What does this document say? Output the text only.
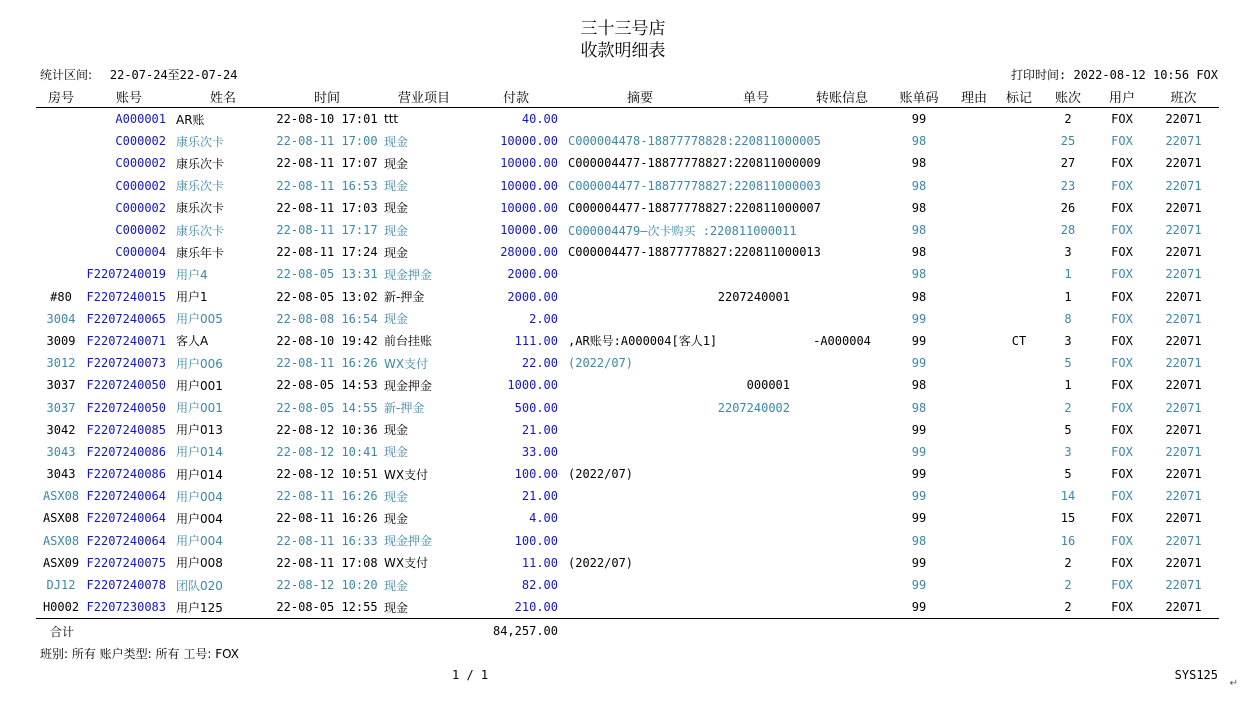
三十三号店
收款明细表
统计区间: 22-07-24至22-07-24	打印时间: 2022-08-12 10:56 FOX
房号	账号	姓名	时间	营业项目	付款	摘要	单号	转账信息	账单码	理由	标记	账次	用户	班次
	A000001	AR账	22-08-10 17:01	ttt	40.00				99			2	FOX	22071
	C000002	康乐次卡	22-08-11 17:00	现金	10000.00	C000004478-18877778828:220811000005			98			25	FOX	22071
	C000002	康乐次卡	22-08-11 17:07	现金	10000.00	C000004477-18877778827:220811000009			98			27	FOX	22071
	C000002	康乐次卡	22-08-11 16:53	现金	10000.00	C000004477-18877778827:220811000003			98			23	FOX	22071
	C000002	康乐次卡	22-08-11 17:03	现金	10000.00	C000004477-18877778827:220811000007			98			26	FOX	22071
	C000002	康乐次卡	22-08-11 17:17	现金	10000.00	C000004479—次卡购买 :220811000011			98			28	FOX	22071
	C000004	康乐年卡	22-08-11 17:24	现金	28000.00	C000004477-18877778827:220811000013			98			3	FOX	22071
	F2207240019	用户4	22-08-05 13:31	现金押金	2000.00				98			1	FOX	22071
#80	F2207240015	用户1	22-08-05 13:02	新-押金	2000.00		2207240001		98			1	FOX	22071
3004	F2207240065	用户005	22-08-08 16:54	现金	2.00				99			8	FOX	22071
3009	F2207240071	客人A	22-08-10 19:42	前台挂账	111.00	,AR账号:A000004[客人1]		-A000004	99		CT	3	FOX	22071
3012	F2207240073	用户006	22-08-11 16:26	WX支付	22.00	(2022/07)			99			5	FOX	22071
3037	F2207240050	用户001	22-08-05 14:53	现金押金	1000.00		000001		98			1	FOX	22071
3037	F2207240050	用户001	22-08-05 14:55	新-押金	500.00		2207240002		98			2	FOX	22071
3042	F2207240085	用户013	22-08-12 10:36	现金	21.00				99			5	FOX	22071
3043	F2207240086	用户014	22-08-12 10:41	现金	33.00				99			3	FOX	22071
3043	F2207240086	用户014	22-08-12 10:51	WX支付	100.00	(2022/07)			99			5	FOX	22071
ASX08	F2207240064	用户004	22-08-11 16:26	现金	21.00				99			14	FOX	22071
ASX08	F2207240064	用户004	22-08-11 16:26	现金	4.00				99			15	FOX	22071
ASX08	F2207240064	用户004	22-08-11 16:33	现金押金	100.00				98			16	FOX	22071
ASX09	F2207240075	用户008	22-08-11 17:08	WX支付	11.00	(2022/07)			99			2	FOX	22071
DJ12	F2207240078	团队020	22-08-12 10:20	现金	82.00				99			2	FOX	22071
H0002	F2207230083	用户125	22-08-05 12:55	现金	210.00				99			2	FOX	22071
合计					84,257.00									
班别: 所有 账户类型: 所有 工号: FOX
1 / 1	SYS125
↵
